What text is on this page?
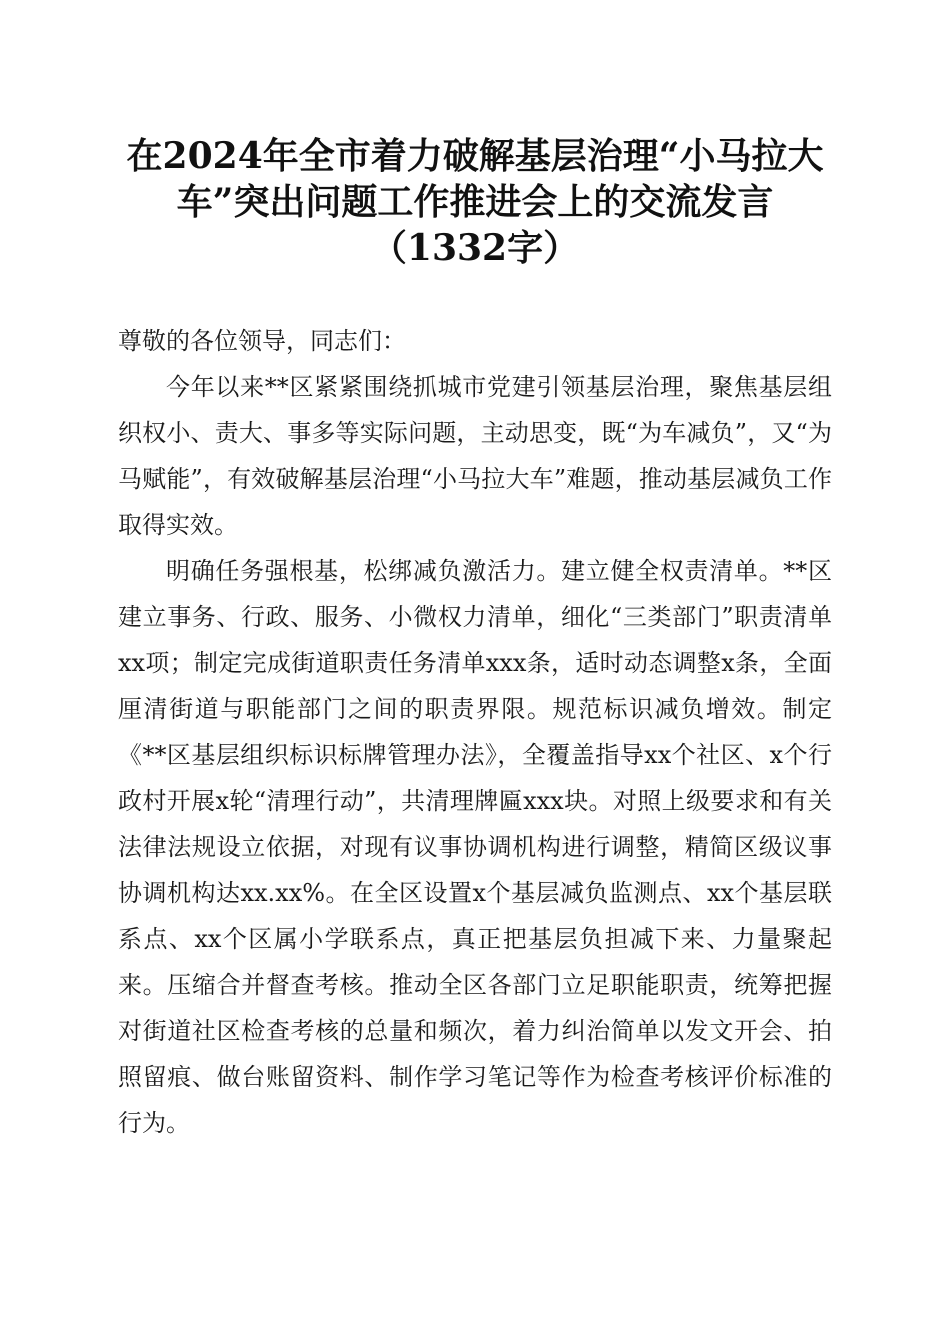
在2024年全市着力破解基层治理“小马拉大车”突出问题工作推进会上的交流发言（1332字）

尊敬的各位领导，同志们：

今年以来**区紧紧围绕抓城市党建引领基层治理，聚焦基层组织权小、责大、事多等实际问题，主动思变，既“为车减负”，又“为马赋能”，有效破解基层治理“小马拉大车”难题，推动基层减负工作取得实效。

明确任务强根基，松绑减负激活力。建立健全权责清单。**区建立事务、行政、服务、小微权力清单，细化“三类部门”职责清单xx项；制定完成街道职责任务清单xxx条，适时动态调整x条，全面厘清街道与职能部门之间的职责界限。规范标识减负增效。制定《**区基层组织标识标牌管理办法》，全覆盖指导xx个社区、x个行政村开展x轮“清理行动”，共清理牌匾xxx块。对照上级要求和有关法律法规设立依据，对现有议事协调机构进行调整，精简区级议事协调机构达xx.xx%。在全区设置x个基层减负监测点、xx个基层联系点、xx个区属小学联系点，真正把基层负担减下来、力量聚起来。压缩合并督查考核。推动全区各部门立足职能职责，统筹把握对街道社区检查考核的总量和频次，着力纠治简单以发文开会、拍照留痕、做台账留资料、制作学习笔记等作为检查考核评价标准的行为。
